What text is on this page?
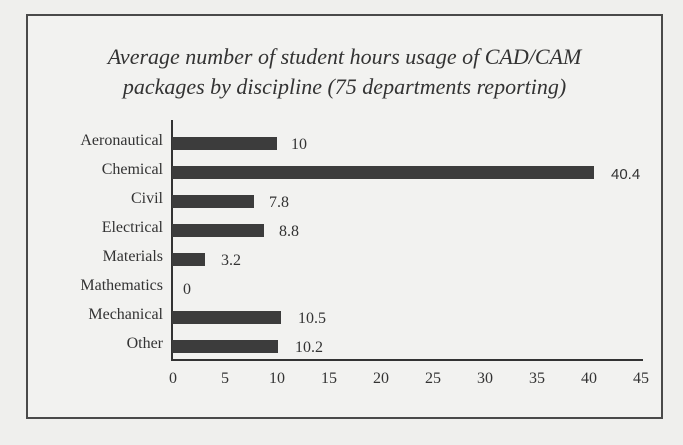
Average number of student hours usage of CAD/CAM
packages by discipline (75 departments reporting)
Aeronautical	10
Chemical	40.4
Civil	7.8
Electrical	8.8
Materials	3.2
Mathematics 0
Mechanical	10.5
Other	10.2
0	5	10 15 20 25 30 35 40 45
